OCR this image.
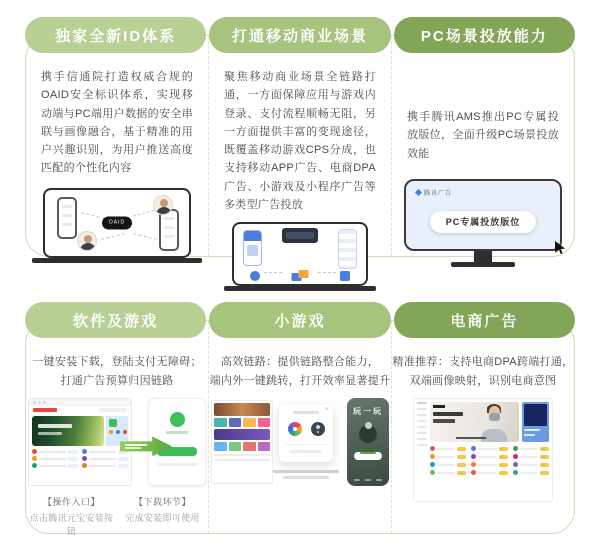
独家全新ID体系	打通移动商业场景	PC场景投放能力

携手信通院打造权威合规的OAID安全标识体系，实现移动端与PC端用户数据的安全串联与画像融合，基于精准的用户兴趣识别，为用户推送高度匹配的个性化内容

OAID

聚焦移动商业场景全链路打通，一方面保障应用与游戏内登录、支付流程顺畅无阻，另一方面提供丰富的变现途径，既覆盖移动游戏CPS分成，也支持移动APP广告、电商DPA广告、小游戏及小程序广告等多类型广告投放

携手腾讯AMS推出PC专属投放版位，全面升级PC场景投放效能

腾讯广告
PC专属投放版位
软件及游戏	小游戏	电商广告

一键安装下载，登陆支付无障碍；

打通广告预算归因链路

【操作入口】
点击腾讯元宝安装按钮
【下载环节】
完成安装即可使用

高效链路：提供链路整合能力，

端内外一键跳转，打开效率显著提升

×	玩一玩

精准推荐：支持电商DPA跨端打通，

双端画像映射，识别电商意图
